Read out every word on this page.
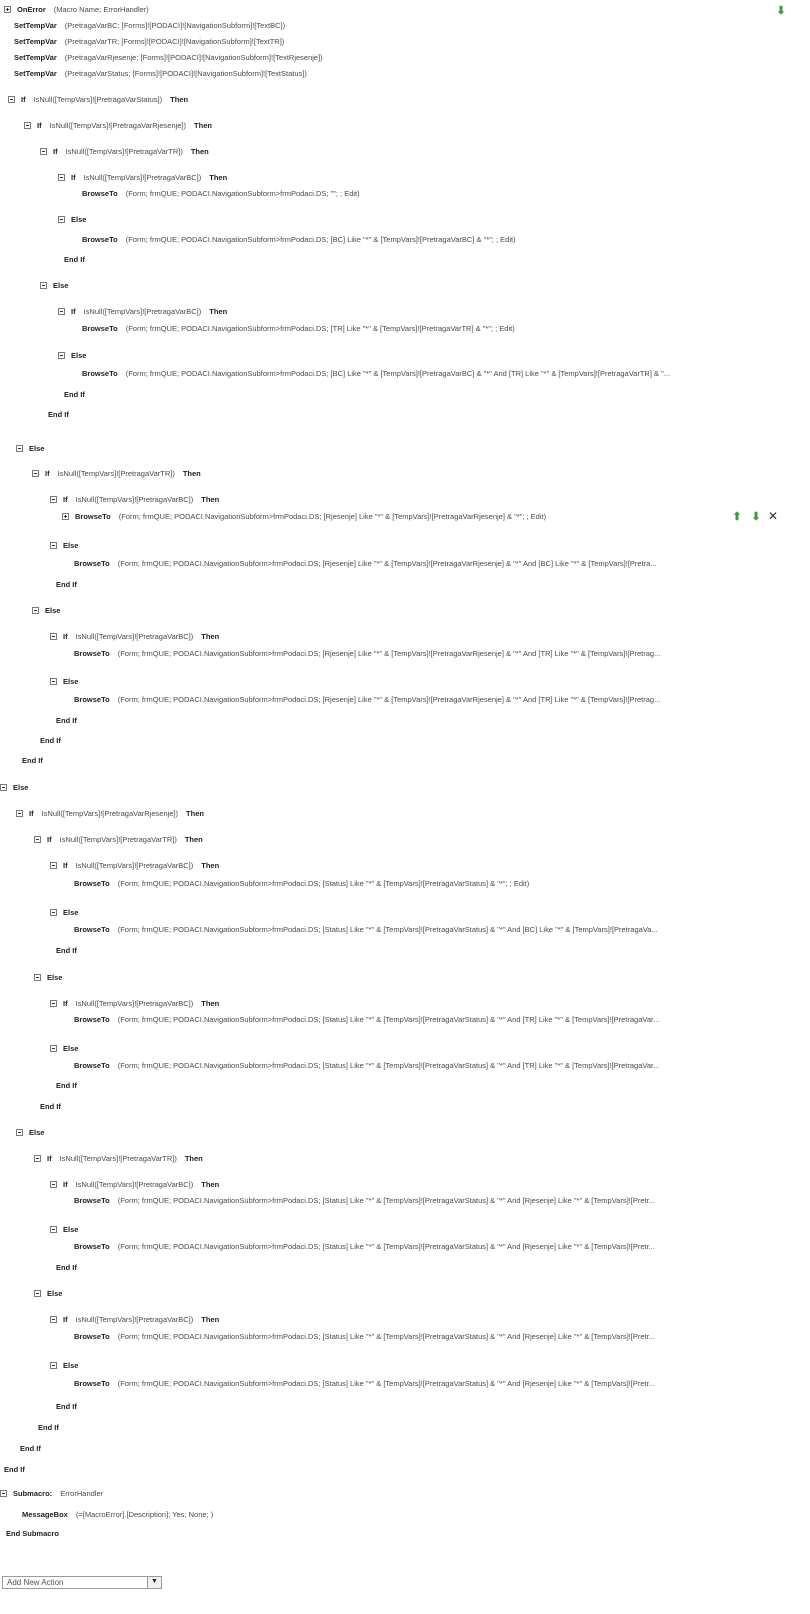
OnError (Macro Name; ErrorHandler)
SetTempVar (PretragaVarBC; [Forms]![PODACI]![NavigationSubform]![TextBC])
SetTempVar (PretragaVarTR; [Forms]![PODACI]![NavigationSubform]![TextTR])
SetTempVar (PretragaVarRjesenje; [Forms]![PODACI]![NavigationSubform]![TextRjesenje])
SetTempVar (PretragaVarStatus; [Forms]![PODACI]![NavigationSubform]![TextStatus])
If IsNull([TempVars]![PretragaVarStatus]) Then
If IsNull([TempVars]![PretragaVarRjesenje]) Then
If IsNull([TempVars]![PretragaVarTR]) Then
If IsNull([TempVars]![PretragaVarBC]) Then
BrowseTo (Form; frmQUE; PODACI.NavigationSubform>frmPodaci.DS; ""; ; Edit)
Else
BrowseTo (Form; frmQUE; PODACI.NavigationSubform>frmPodaci.DS; [BC] Like "*" & [TempVars]![PretragaVarBC] & "*"; ; Edit)
End If
Else
If IsNull([TempVars]![PretragaVarBC]) Then
BrowseTo (Form; frmQUE; PODACI.NavigationSubform>frmPodaci.DS; [TR] Like "*" & [TempVars]![PretragaVarTR] & "*"; ; Edit)
Else
BrowseTo (Form; frmQUE; PODACI.NavigationSubform>frmPodaci.DS; [BC] Like "*" & [TempVars]![PretragaVarBC] & "*" And [TR] Like "*" & [TempVars]![PretragaVarTR] & "...
End If
End If
Else
If IsNull([TempVars]![PretragaVarTR]) Then
If IsNull([TempVars]![PretragaVarBC]) Then
BrowseTo (Form; frmQUE; PODACI.NavigationSubform>frmPodaci.DS; [Rjesenje] Like "*" & [TempVars]![PretragaVarRjesenje] & "*"; ; Edit)
Else
BrowseTo (Form; frmQUE; PODACI.NavigationSubform>frmPodaci.DS; [Rjesenje] Like "*" & [TempVars]![PretragaVarRjesenje] & "*" And [BC] Like "*" & [TempVars]![Pretra...
End If
Else
If IsNull([TempVars]![PretragaVarBC]) Then
BrowseTo (Form; frmQUE; PODACI.NavigationSubform>frmPodaci.DS; [Rjesenje] Like "*" & [TempVars]![PretragaVarRjesenje] & "*" And [TR] Like "*" & [TempVars]![Pretrag...
Else
BrowseTo (Form; frmQUE; PODACI.NavigationSubform>frmPodaci.DS; [Rjesenje] Like "*" & [TempVars]![PretragaVarRjesenje] & "*" And [TR] Like "*" & [TempVars]![Pretrag...
End If
End If
End If
Else
If IsNull([TempVars]![PretragaVarRjesenje]) Then
If IsNull([TempVars]![PretragaVarTR]) Then
If IsNull([TempVars]![PretragaVarBC]) Then
BrowseTo (Form; frmQUE; PODACI.NavigationSubform>frmPodaci.DS; [Status] Like "*" & [TempVars]![PretragaVarStatus] & "*"; ; Edit)
Else
BrowseTo (Form; frmQUE; PODACI.NavigationSubform>frmPodaci.DS; [Status] Like "*" & [TempVars]![PretragaVarStatus] & "*" And [BC] Like "*" & [TempVars]![PretragaVa...
End If
Else
If IsNull([TempVars]![PretragaVarBC]) Then
BrowseTo (Form; frmQUE; PODACI.NavigationSubform>frmPodaci.DS; [Status] Like "*" & [TempVars]![PretragaVarStatus] & "*" And [TR] Like "*" & [TempVars]![PretragaVar...
Else
BrowseTo (Form; frmQUE; PODACI.NavigationSubform>frmPodaci.DS; [Status] Like "*" & [TempVars]![PretragaVarStatus] & "*" And [TR] Like "*" & [TempVars]![PretragaVar...
End If
End If
Else
If IsNull([TempVars]![PretragaVarTR]) Then
If IsNull([TempVars]![PretragaVarBC]) Then
BrowseTo (Form; frmQUE; PODACI.NavigationSubform>frmPodaci.DS; [Status] Like "*" & [TempVars]![PretragaVarStatus] & "*" And [Rjesenje] Like "*" & [TempVars]![Pretr...
Else
BrowseTo (Form; frmQUE; PODACI.NavigationSubform>frmPodaci.DS; [Status] Like "*" & [TempVars]![PretragaVarStatus] & "*" And [Rjesenje] Like "*" & [TempVars]![Pretr...
End If
Else
If IsNull([TempVars]![PretragaVarBC]) Then
BrowseTo (Form; frmQUE; PODACI.NavigationSubform>frmPodaci.DS; [Status] Like "*" & [TempVars]![PretragaVarStatus] & "*" And [Rjesenje] Like "*" & [TempVars]![Pretr...
Else
BrowseTo (Form; frmQUE; PODACI.NavigationSubform>frmPodaci.DS; [Status] Like "*" & [TempVars]![PretragaVarStatus] & "*" And [Rjesenje] Like "*" & [TempVars]![Pretr...
End If
End If
End If
End If
Submacro: ErrorHandler
MessageBox (=[MacroError].[Description]; Yes; None; )
End Submacro
⬇
⬆ ⬇ ✕
Add New Action	▼
